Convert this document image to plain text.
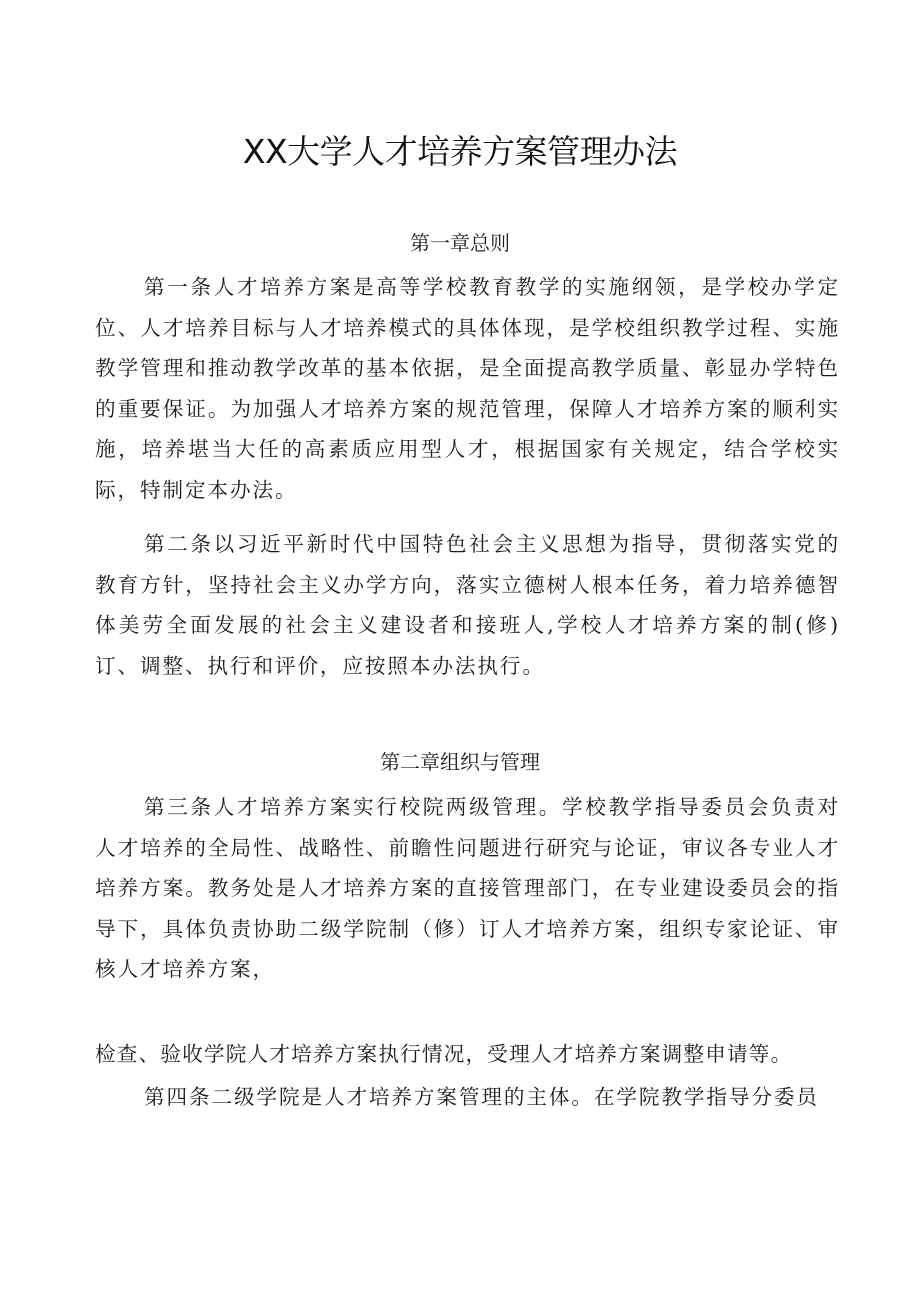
XX大学人才培养方案管理办法
第一章总则

第一条人才培养方案是高等学校教育教学的实施纲领，是学校办学定位、人才培养目标与人才培养模式的具体体现，是学校组织教学过程、实施教学管理和推动教学改革的基本依据，是全面提高教学质量、彰显办学特色的重要保证。为加强人才培养方案的规范管理，保障人才培养方案的顺利实施，培养堪当大任的高素质应用型人才，根据国家有关规定，结合学校实际，特制定本办法。

第二条以习近平新时代中国特色社会主义思想为指导，贯彻落实党的教育方针，坚持社会主义办学方向，落实立德树人根本任务，着力培养德智体美劳全面发展的社会主义建设者和接班人,学校人才培养方案的制(修)订、调整、执行和评价，应按照本办法执行。

第二章组织与管理

第三条人才培养方案实行校院两级管理。学校教学指导委员会负责对人才培养的全局性、战略性、前瞻性问题进行研究与论证，审议各专业人才培养方案。教务处是人才培养方案的直接管理部门，在专业建设委员会的指导下，具体负责协助二级学院制（修）订人才培养方案，组织专家论证、审核人才培养方案，

检查、验收学院人才培养方案执行情况，受理人才培养方案调整申请等。

第四条二级学院是人才培养方案管理的主体。在学院教学指导分委员
